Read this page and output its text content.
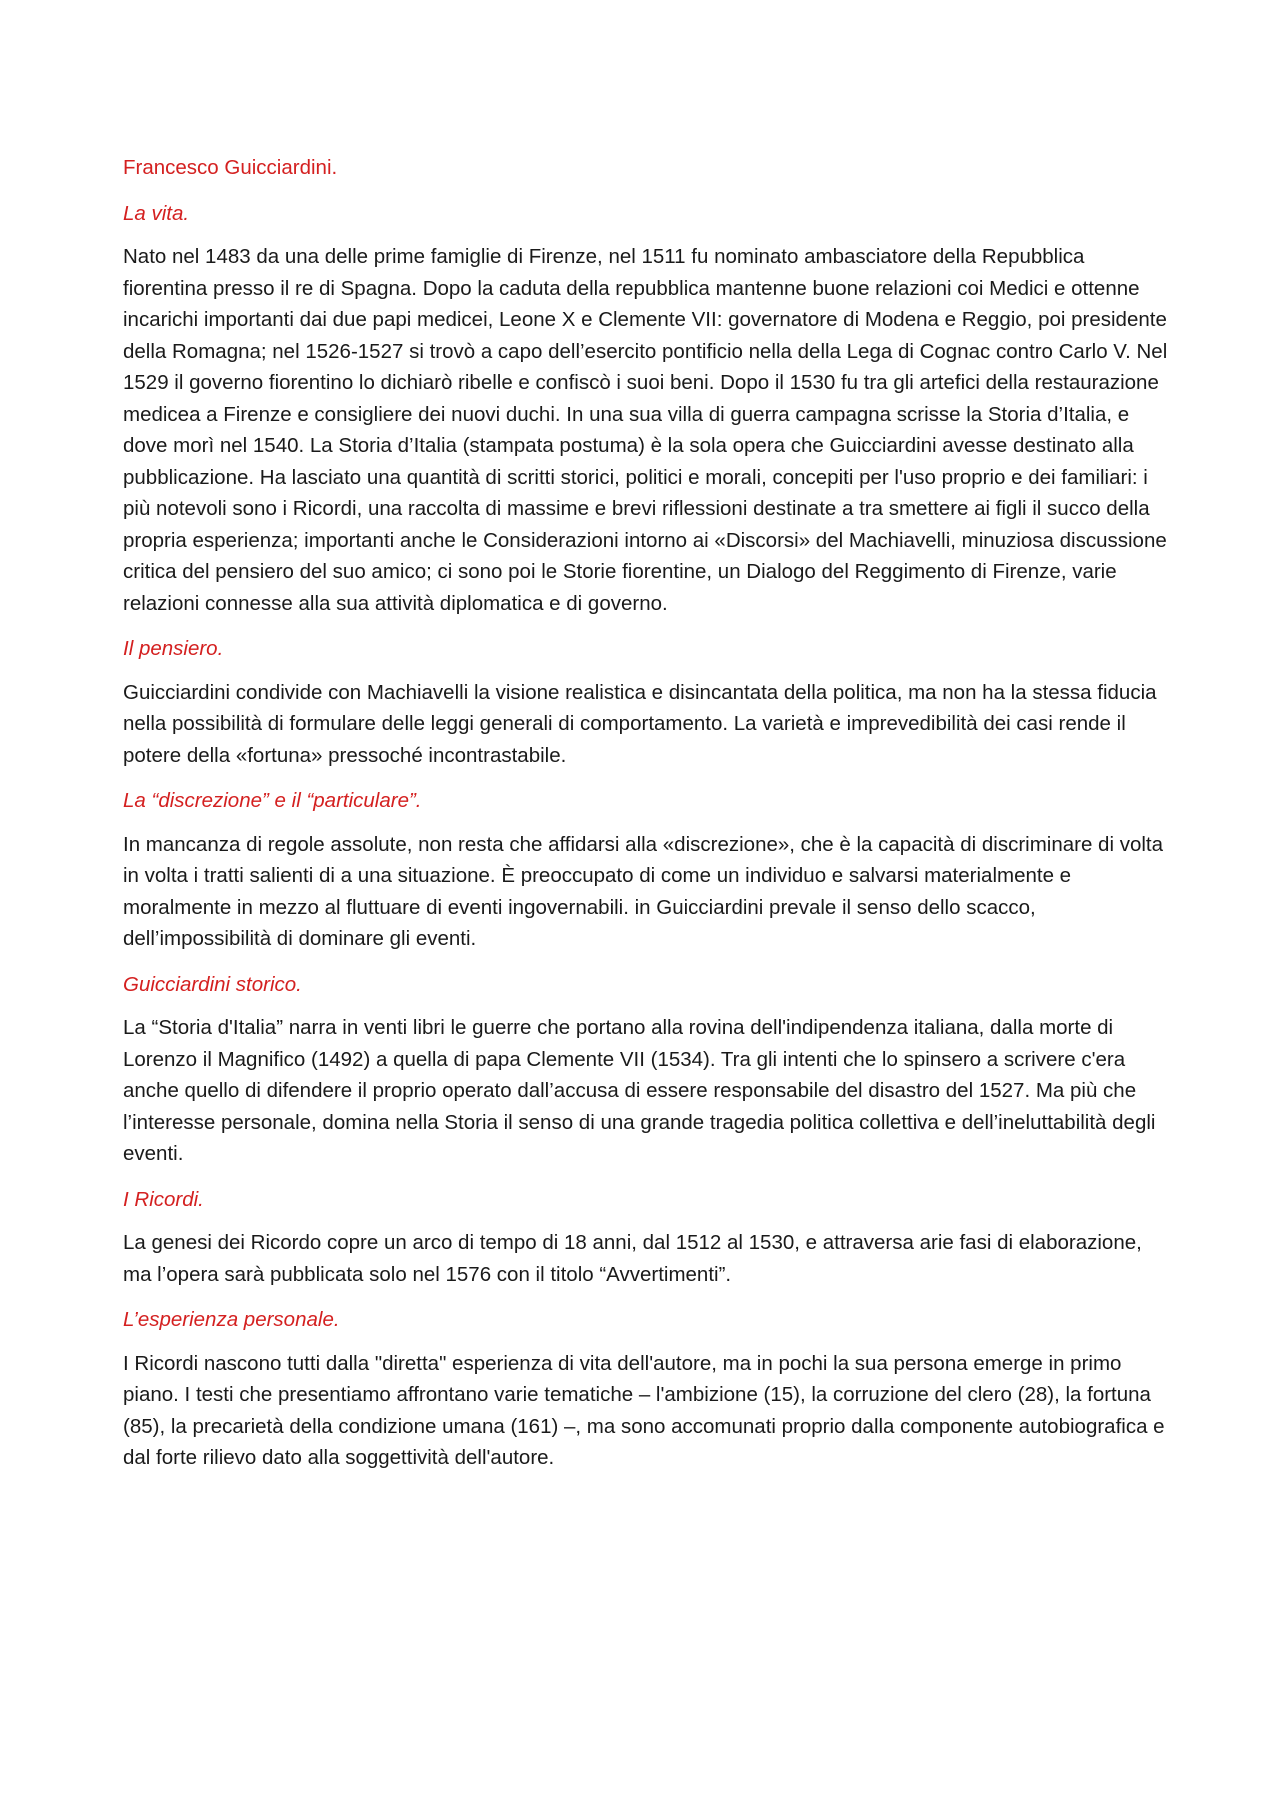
Francesco Guicciardini.
La vita.

Nato nel 1483 da una delle prime famiglie di Firenze, nel 1511 fu nominato ambasciatore della Repubblica fiorentina presso il re di Spagna. Dopo la caduta della repubblica mantenne buone relazioni coi Medici e ottenne incarichi importanti dai due papi medicei, Leone X e Clemente VII: governatore di Modena e Reggio, poi presidente della Romagna; nel 1526-1527 si trovò a capo dell’esercito pontificio nella della Lega di Cognac contro Carlo V. Nel 1529 il governo fiorentino lo dichiarò ribelle e confiscò i suoi beni. Dopo il 1530 fu tra gli artefici della restaurazione medicea a Firenze e consigliere dei nuovi duchi. In una sua villa di guerra campagna scrisse la Storia d’Italia, e dove morì nel 1540. La Storia d’Italia (stampata postuma) è la sola opera che Guicciardini avesse destinato alla pubblicazione. Ha lasciato una quantità di scritti storici, politici e morali, concepiti per l'uso proprio e dei familiari: i più notevoli sono i Ricordi, una raccolta di massime e brevi riflessioni destinate a tra smettere ai figli il succo della propria esperienza; importanti anche le Considerazioni intorno ai «Discorsi» del Machiavelli, minuziosa discussione critica del pensiero del suo amico; ci sono poi le Storie fiorentine, un Dialogo del Reggimento di Firenze, varie relazioni connesse alla sua attività diplomatica e di governo.

Il pensiero.

Guicciardini condivide con Machiavelli la visione realistica e disincantata della politica, ma non ha la stessa fiducia nella possibilità di formulare delle leggi generali di comportamento. La varietà e imprevedibilità dei casi rende il potere della «fortuna» pressoché incontrastabile.

La “discrezione” e il “particulare”.

In mancanza di regole assolute, non resta che affidarsi alla «discrezione», che è la capacità di discriminare di volta in volta i tratti salienti di a una situazione. È preoccupato di come un individuo e salvarsi materialmente e moralmente in mezzo al fluttuare di eventi ingovernabili. in Guicciardini prevale il senso dello scacco, dell’impossibilità di dominare gli eventi.

Guicciardini storico.

La “Storia d'Italia” narra in venti libri le guerre che portano alla rovina dell'indipendenza italiana, dalla morte di Lorenzo il Magnifico (1492) a quella di papa Clemente VII (1534). Tra gli intenti che lo spinsero a scrivere c'era anche quello di difendere il proprio operato dall’accusa di essere responsabile del disastro del 1527. Ma più che l’interesse personale, domina nella Storia il senso di una grande tragedia politica collettiva e dell’ineluttabilità degli eventi.

I Ricordi.

La genesi dei Ricordo copre un arco di tempo di 18 anni, dal 1512 al 1530, e attraversa arie fasi di elaborazione, ma l’opera sarà pubblicata solo nel 1576 con il titolo “Avvertimenti”.

L’esperienza personale.

I Ricordi nascono tutti dalla "diretta" esperienza di vita dell'autore, ma in pochi la sua persona emerge in primo piano. I testi che presentiamo affrontano varie tematiche – l'ambizione (15), la corruzione del clero (28), la fortuna (85), la precarietà della condizione umana (161) –, ma sono accomunati proprio dalla componente autobiografica e dal forte rilievo dato alla soggettività dell'autore.
